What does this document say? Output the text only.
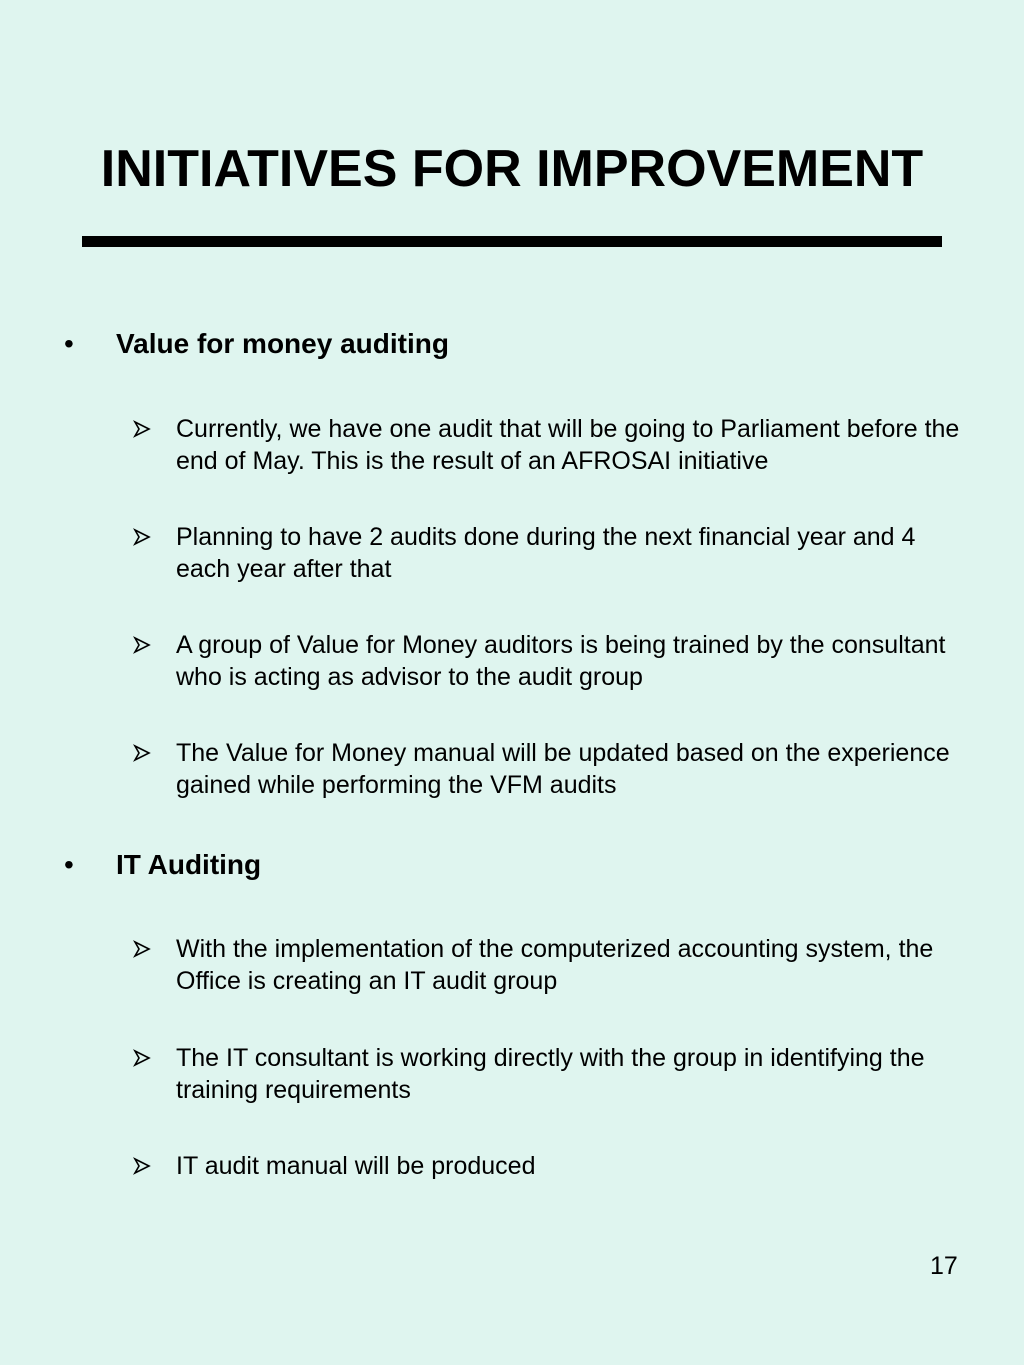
INITIATIVES FOR IMPROVEMENT
• Value for money auditing
Currently, we have one audit that will be going to Parliament before the end of May. This is the result of an AFROSAI initiative
Planning to have 2 audits done during the next financial year and 4 each year after that
A group of Value for Money auditors is being trained by the consultant who is acting as advisor to the audit group
The Value for Money manual will be updated based on the experience gained while performing the VFM audits
• IT Auditing
With the implementation of the computerized accounting system, the Office is creating an IT audit group
The IT consultant is working directly with the group in identifying the training requirements
IT audit manual will be produced
17
